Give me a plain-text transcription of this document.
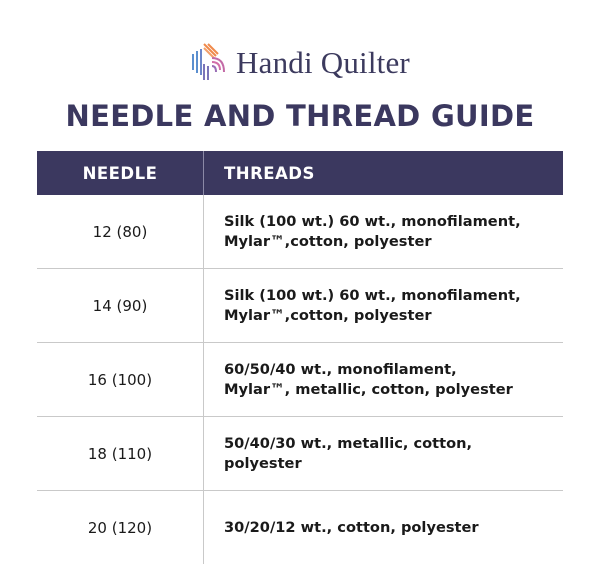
Handi Quilter
NEEDLE AND THREAD GUIDE
NEEDLE	THREADS
12 (80)
Silk (100 wt.) 60 wt., monofilament,
Mylar™,cotton, polyester
14 (90)
Silk (100 wt.) 60 wt., monofilament,
Mylar™,cotton, polyester
16 (100)
60/50/40 wt., monofilament,
Mylar™, metallic, cotton, polyester
18 (110)
50/40/30 wt., metallic, cotton,
polyester
20 (120)	30/20/12 wt., cotton, polyester
